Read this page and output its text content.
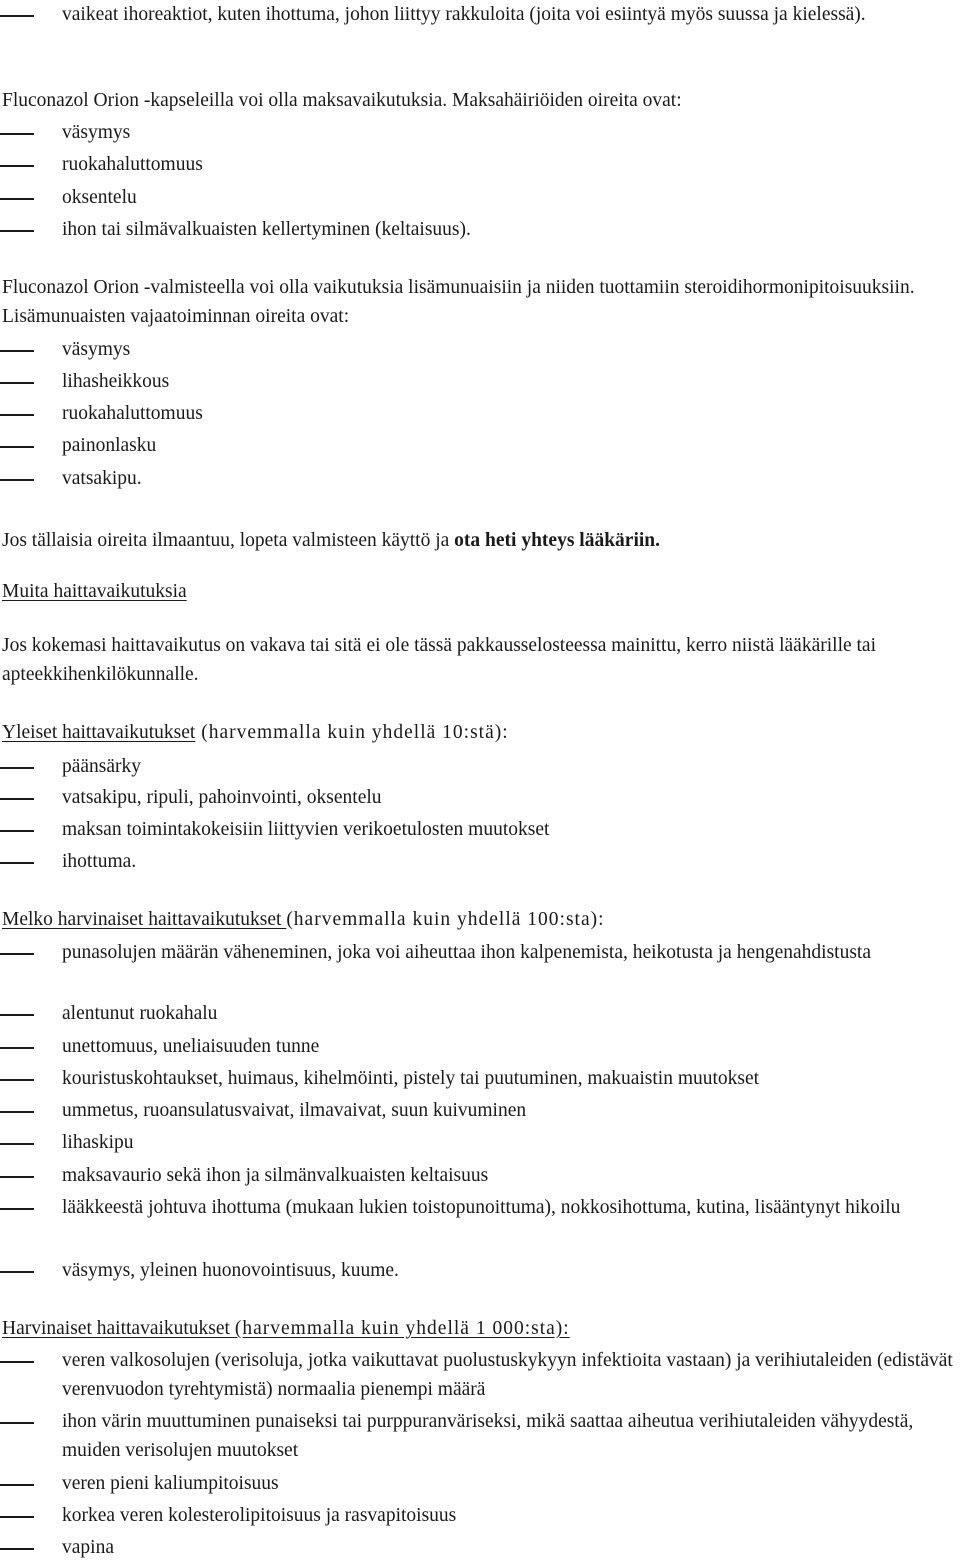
vaikeat ihoreaktiot, kuten ihottuma, johon liittyy rakkuloita (joita voi esiintyä myös suussa ja kielessä).

Fluconazol Orion -kapseleilla voi olla maksavaikutuksia. Maksahäiriöiden oireita ovat:

väsymys
ruokahaluttomuus
oksentelu
ihon tai silmävalkuaisten kellertyminen (keltaisuus).

Fluconazol Orion -valmisteella voi olla vaikutuksia lisämunuaisiin ja niiden tuottamiin steroidihormonipitoisuuksiin. Lisämunuaisten vajaatoiminnan oireita ovat:

väsymys
lihasheikkous
ruokahaluttomuus
painonlasku
vatsakipu.

Jos tällaisia oireita ilmaantuu, lopeta valmisteen käyttö ja ota heti yhteys lääkäriin.

Muita haittavaikutuksia

Jos kokemasi haittavaikutus on vakava tai sitä ei ole tässä pakkausselosteessa mainittu, kerro niistä lääkärille tai apteekkihenkilökunnalle.

Yleiset haittavaikutukset (harvemmalla kuin yhdellä 10:stä):

päänsärky
vatsakipu, ripuli, pahoinvointi, oksentelu
maksan toimintakokeisiin liittyvien verikoetulosten muutokset
ihottuma.

Melko harvinaiset haittavaikutukset (harvemmalla kuin yhdellä 100:sta):

punasolujen määrän väheneminen, joka voi aiheuttaa ihon kalpenemista, heikotusta ja hengenahdistusta
alentunut ruokahalu
unettomuus, uneliaisuuden tunne
kouristuskohtaukset, huimaus, kihelmöinti, pistely tai puutuminen, makuaistin muutokset
ummetus, ruoansulatusvaivat, ilmavaivat, suun kuivuminen
lihaskipu
maksavaurio sekä ihon ja silmänvalkuaisten keltaisuus
lääkkeestä johtuva ihottuma (mukaan lukien toistopunoittuma), nokkosihottuma, kutina, lisääntynyt hikoilu
väsymys, yleinen huonovointisuus, kuume.

Harvinaiset haittavaikutukset (harvemmalla kuin yhdellä 1 000:sta):

veren valkosolujen (verisoluja, jotka vaikuttavat puolustuskykyyn infektioita vastaan) ja verihiutaleiden (edistävät verenvuodon tyrehtymistä) normaalia pienempi määrä
ihon värin muuttuminen punaiseksi tai purppuranväriseksi, mikä saattaa aiheutua verihiutaleiden vähyydestä, muiden verisolujen muutokset
veren pieni kaliumpitoisuus
korkea veren kolesterolipitoisuus ja rasvapitoisuus
vapina
